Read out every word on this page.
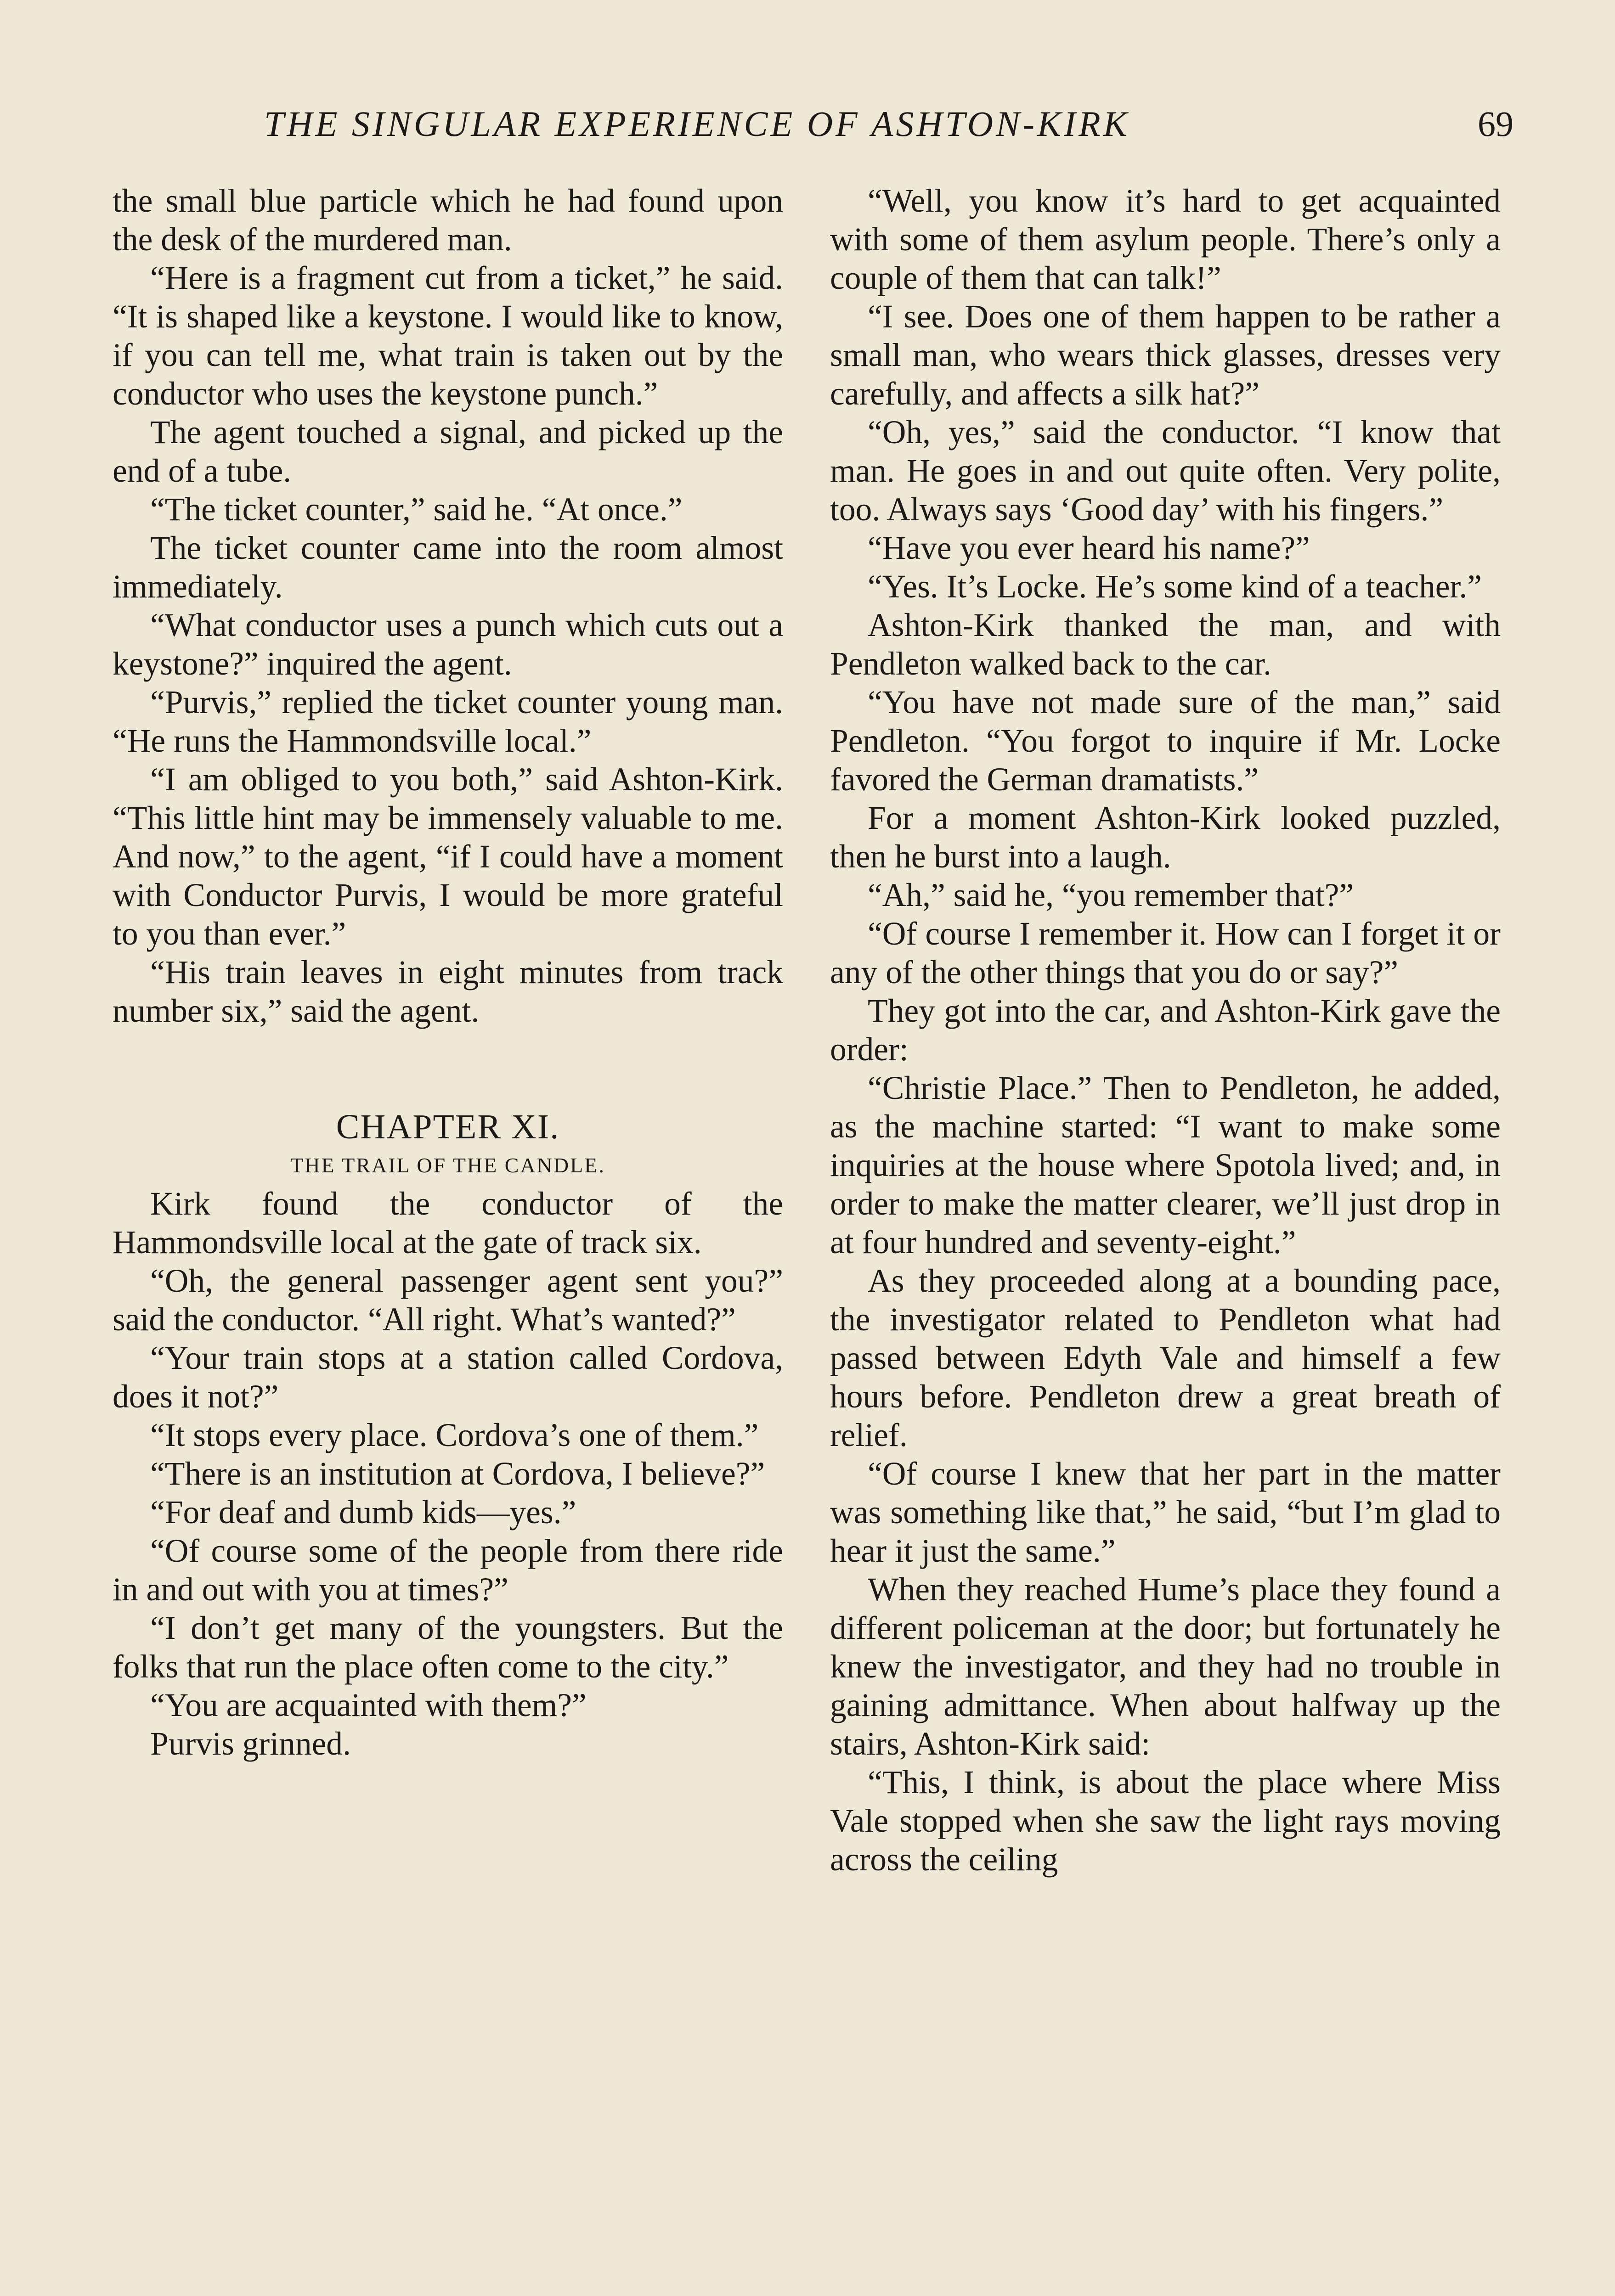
THE SINGULAR EXPERIENCE OF ASHTON-KIRK	69

the small blue particle which he had found upon the desk of the murdered man.

“Here is a fragment cut from a ticket,” he said. “It is shaped like a keystone. I would like to know, if you can tell me, what train is taken out by the conductor who uses the keystone punch.”

The agent touched a signal, and picked up the end of a tube.

“The ticket counter,” said he. “At once.”

The ticket counter came into the room almost immediately.

“What conductor uses a punch which cuts out a keystone?” inquired the agent.

“Purvis,” replied the ticket counter young man. “He runs the Hammondsville local.”

“I am obliged to you both,” said Ashton-Kirk. “This little hint may be immensely valuable to me. And now,” to the agent, “if I could have a moment with Conductor Purvis, I would be more grateful to you than ever.”

“His train leaves in eight minutes from track number six,” said the agent.

CHAPTER XI.
THE TRAIL OF THE CANDLE.

Kirk found the conductor of the Hammondsville local at the gate of track six.

“Oh, the general passenger agent sent you?” said the conductor. “All right. What’s wanted?”

“Your train stops at a station called Cordova, does it not?”

“It stops every place. Cordova’s one of them.”

“There is an institution at Cordova, I believe?”

“For deaf and dumb kids—yes.”

“Of course some of the people from there ride in and out with you at times?”

“I don’t get many of the youngsters. But the folks that run the place often come to the city.”

“You are acquainted with them?”

Purvis grinned.

“Well, you know it’s hard to get acquainted with some of them asylum people. There’s only a couple of them that can talk!”

“I see. Does one of them happen to be rather a small man, who wears thick glasses, dresses very carefully, and affects a silk hat?”

“Oh, yes,” said the conductor. “I know that man. He goes in and out quite often. Very polite, too. Always says ‘Good day’ with his fingers.”

“Have you ever heard his name?”

“Yes. It’s Locke. He’s some kind of a teacher.”

Ashton-Kirk thanked the man, and with Pendleton walked back to the car.

“You have not made sure of the man,” said Pendleton. “You forgot to inquire if Mr. Locke favored the German dramatists.”

For a moment Ashton-Kirk looked puzzled, then he burst into a laugh.

“Ah,” said he, “you remember that?”

“Of course I remember it. How can I forget it or any of the other things that you do or say?”

They got into the car, and Ashton-Kirk gave the order:

“Christie Place.” Then to Pendleton, he added, as the machine started: “I want to make some inquiries at the house where Spotola lived; and, in order to make the matter clearer, we’ll just drop in at four hundred and seventy-eight.”

As they proceeded along at a bounding pace, the investigator related to Pendleton what had passed between Edyth Vale and himself a few hours before. Pendleton drew a great breath of relief.

“Of course I knew that her part in the matter was something like that,” he said, “but I’m glad to hear it just the same.”

When they reached Hume’s place they found a different policeman at the door; but fortunately he knew the investigator, and they had no trouble in gaining admittance. When about halfway up the stairs, Ashton-Kirk said:

“This, I think, is about the place where Miss Vale stopped when she saw the light rays moving across the ceiling
